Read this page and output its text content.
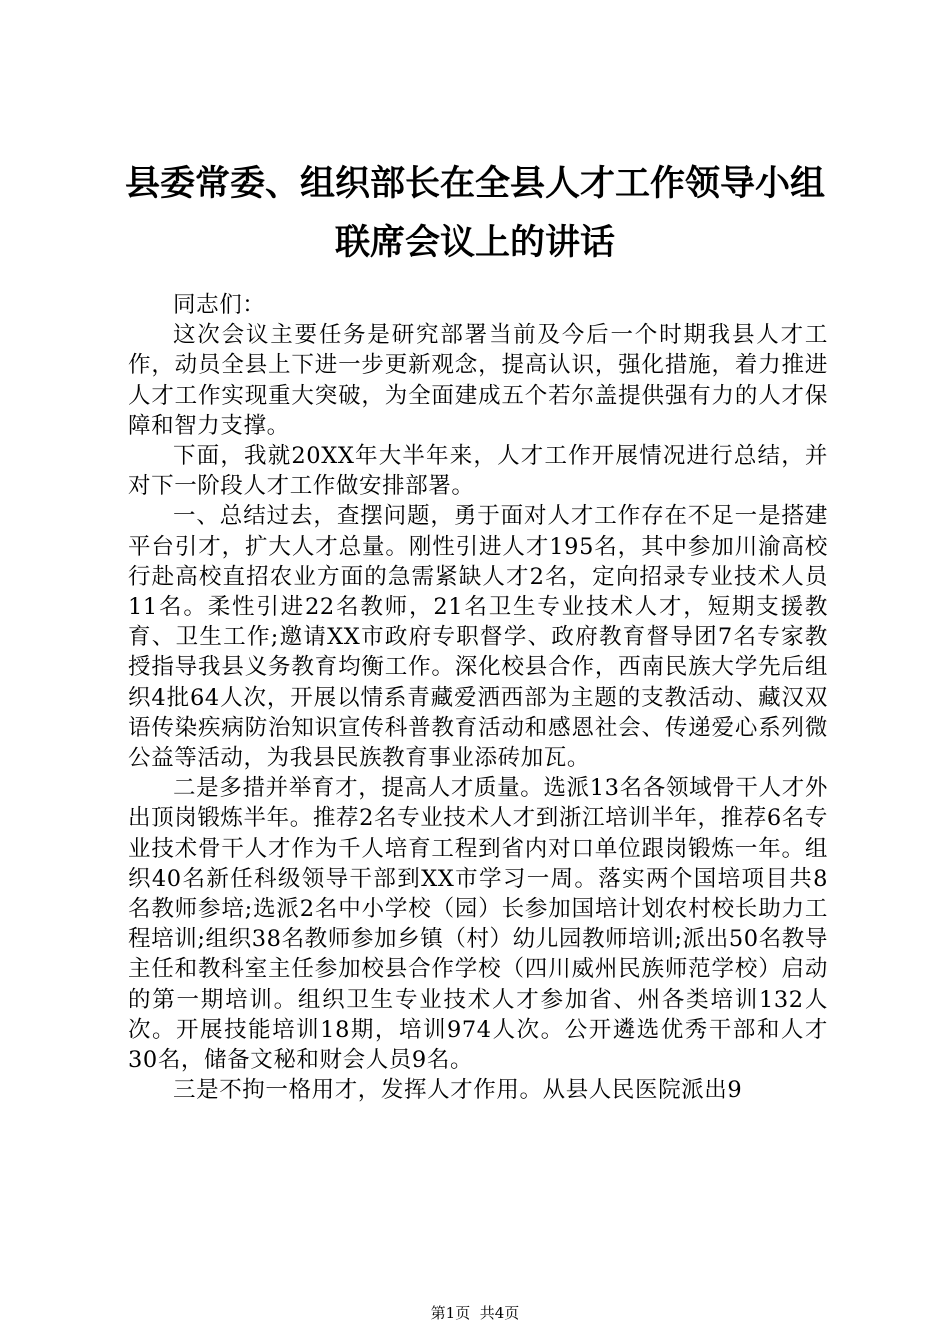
县委常委、组织部长在全县人才工作领导小组
联席会议上的讲话

同志们：

这次会议主要任务是研究部署当前及今后一个时期我县人才工作，动员全县上下进一步更新观念，提高认识，强化措施，着力推进人才工作实现重大突破，为全面建成五个若尔盖提供强有力的人才保障和智力支撑。

下面，我就20XX年大半年来，人才工作开展情况进行总结，并对下一阶段人才工作做安排部署。

一、总结过去，查摆问题，勇于面对人才工作存在不足一是搭建平台引才，扩大人才总量。刚性引进人才195名，其中参加川渝高校行赴高校直招农业方面的急需紧缺人才2名，定向招录专业技术人员11名。柔性引进22名教师，21名卫生专业技术人才，短期支援教育、卫生工作;邀请XX市政府专职督学、政府教育督导团7名专家教授指导我县义务教育均衡工作。深化校县合作，西南民族大学先后组织4批64人次，开展以情系青藏爱洒西部为主题的支教活动、藏汉双语传染疾病防治知识宣传科普教育活动和感恩社会、传递爱心系列微公益等活动，为我县民族教育事业添砖加瓦。

二是多措并举育才，提高人才质量。选派13名各领域骨干人才外出顶岗锻炼半年。推荐2名专业技术人才到浙江培训半年，推荐6名专业技术骨干人才作为千人培育工程到省内对口单位跟岗锻炼一年。组织40名新任科级领导干部到XX市学习一周。落实两个国培项目共8名教师参培;选派2名中小学校（园）长参加国培计划农村校长助力工程培训;组织38名教师参加乡镇（村）幼儿园教师培训;派出50名教导主任和教科室主任参加校县合作学校（四川威州民族师范学校）启动的第一期培训。组织卫生专业技术人才参加省、州各类培训132人次。开展技能培训18期，培训974人次。公开遴选优秀干部和人才30名，储备文秘和财会人员9名。

三是不拘一格用才，发挥人才作用。从县人民医院派出9

第1页 共4页
